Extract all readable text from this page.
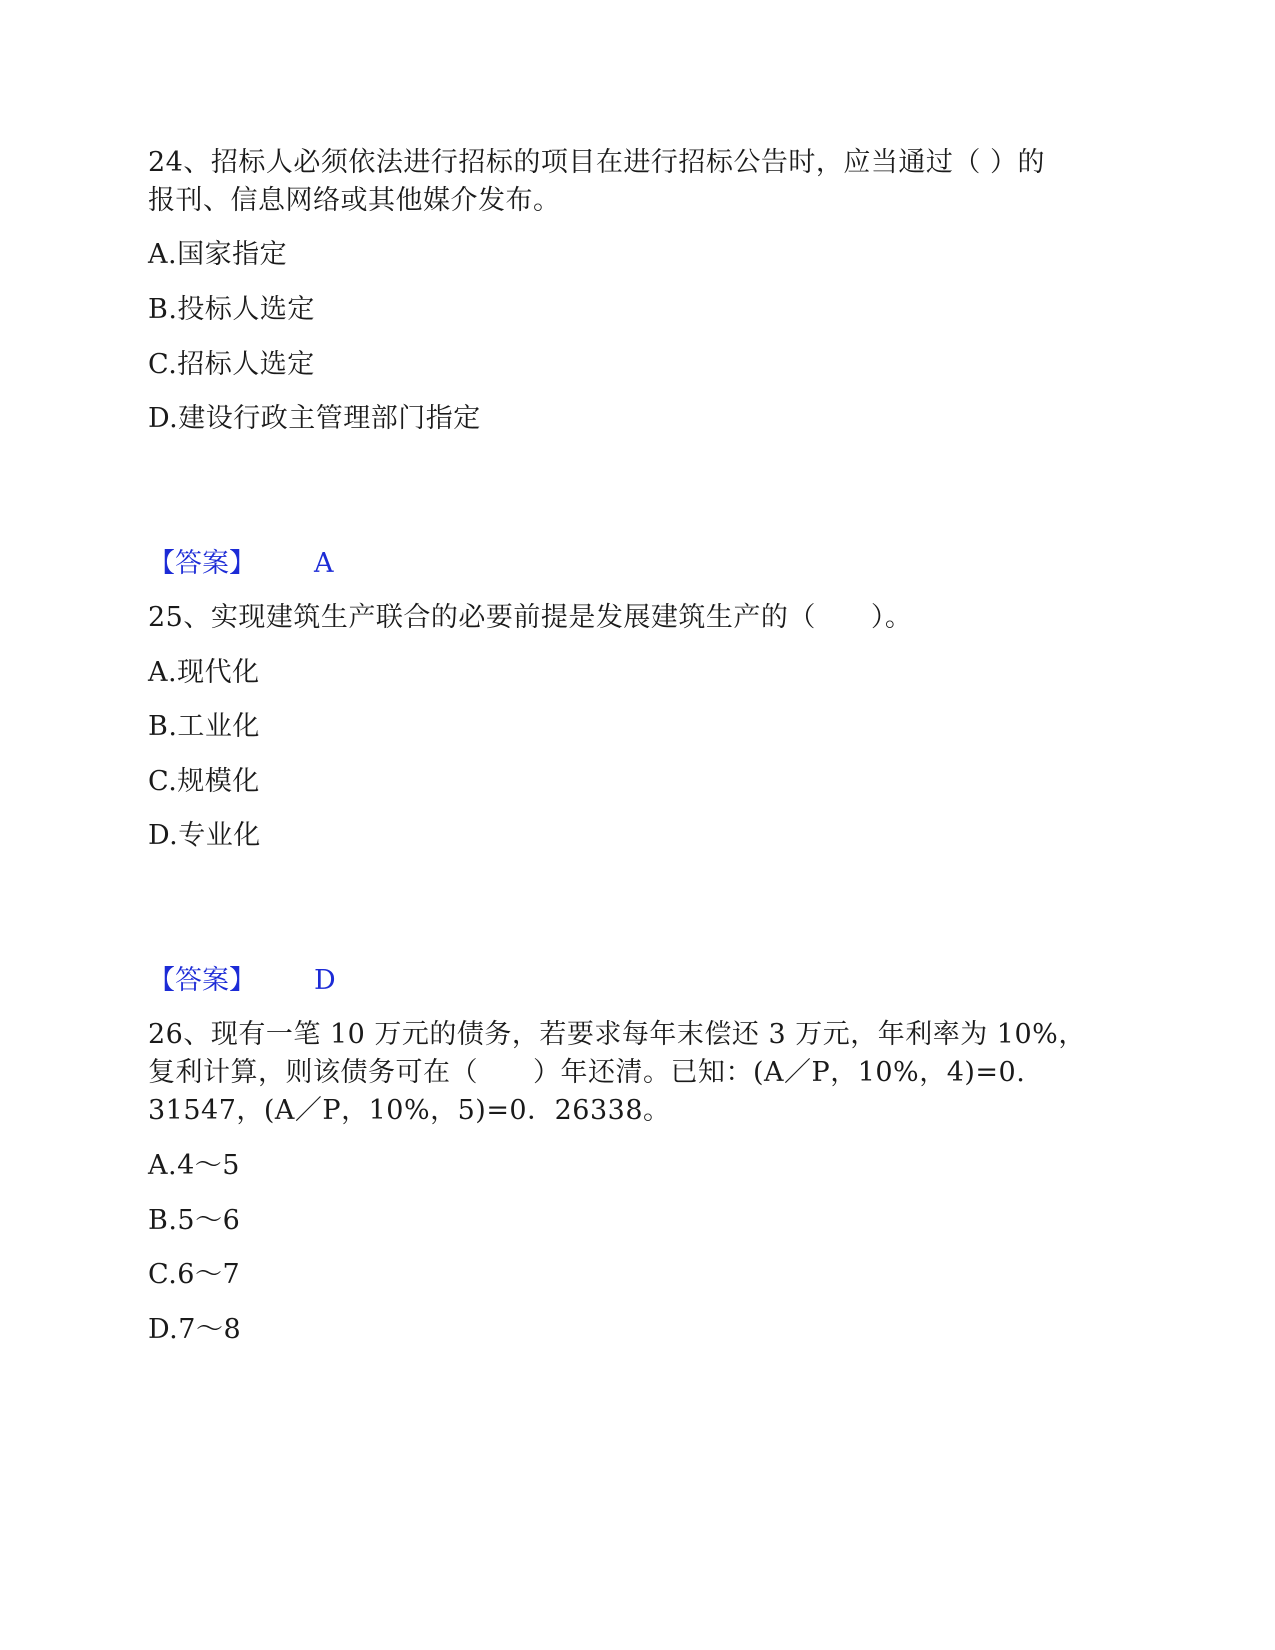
24、招标人必须依法进行招标的项目在进行招标公告时，应当通过（ ）的
报刊、信息网络或其他媒介发布。
A.国家指定
B.投标人选定
C.招标人选定
D.建设行政主管理部门指定
【答案】 A
25、实现建筑生产联合的必要前提是发展建筑生产的（　　）。
A.现代化
B.工业化
C.规模化
D.专业化
【答案】 D
26、现有一笔 10 万元的债务，若要求每年末偿还 3 万元，年利率为 10%，
复利计算，则该债务可在（　　）年还清。已知：(A／P，10%，4)=0.
31547，(A／P，10%，5)=0．26338。
A.4～5
B.5～6
C.6～7
D.7～8
